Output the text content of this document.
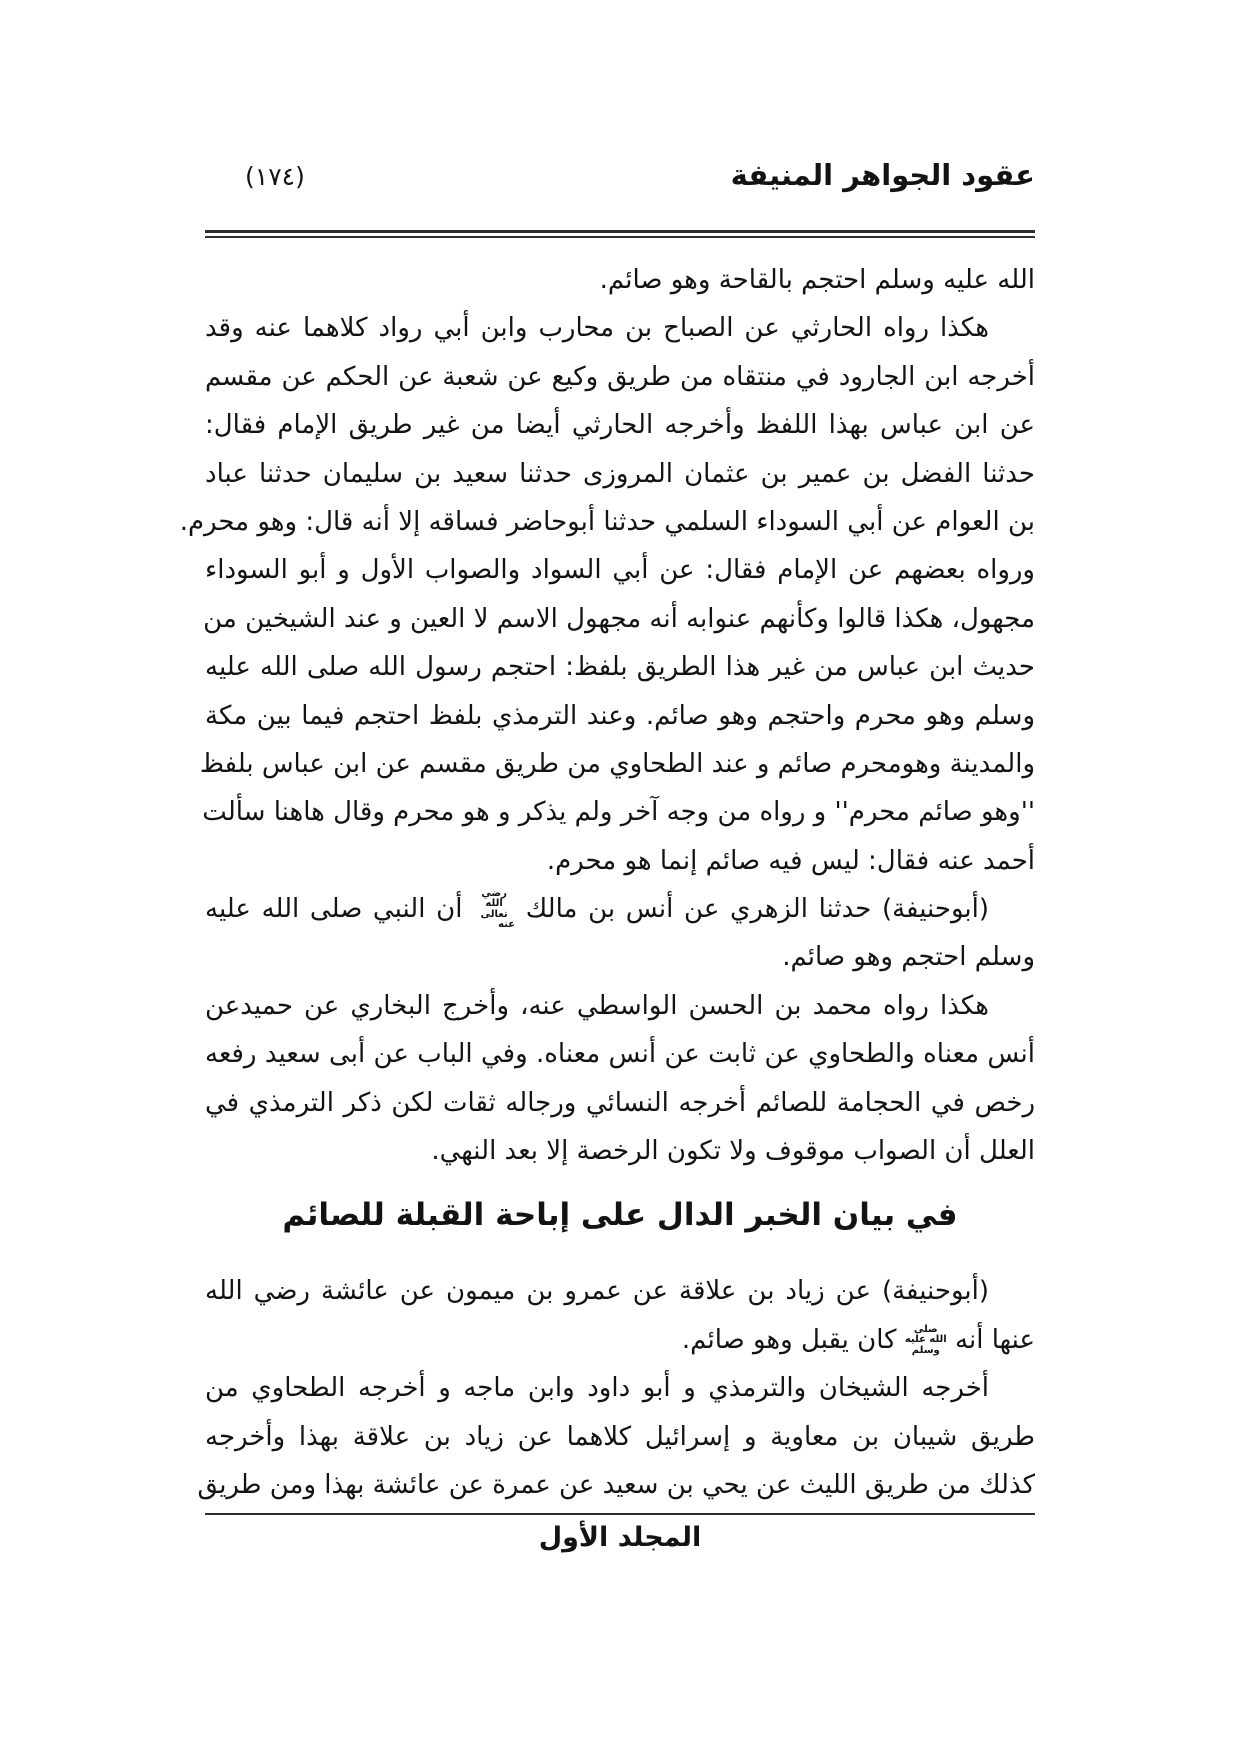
عقود الجواهر المنيفة
(١٧٤)
الله عليه وسلم احتجم بالقاحة وهو صائم.
هكذا رواه الحارثي عن الصباح بن محارب وابن أبي رواد كلاهما عنه وقد
أخرجه ابن الجارود في منتقاه من طريق وكيع عن شعبة عن الحكم عن مقسم
عن ابن عباس بهذا اللفظ وأخرجه الحارثي أيضا من غير طريق الإمام فقال:
حدثنا الفضل بن عمير بن عثمان المروزى حدثنا سعيد بن سليمان حدثنا عباد
بن العوام عن أبي السوداء السلمي حدثنا أبوحاضر فساقه إلا أنه قال: وهو محرم.
ورواه بعضهم عن الإمام فقال: عن أبي السواد والصواب الأول و أبو السوداء
مجهول، هكذا قالوا وكأنهم عنوابه أنه مجهول الاسم لا العين و عند الشيخين من
حديث ابن عباس من غير هذا الطريق بلفظ: احتجم رسول الله صلى الله عليه
وسلم وهو محرم واحتجم وهو صائم. وعند الترمذي بلفظ احتجم فيما بين مكة
والمدينة وهومحرم صائم و عند الطحاوي من طريق مقسم عن ابن عباس بلفظ
''وهو صائم محرم'' و رواه من وجه آخر ولم يذكر و هو محرم وقال هاهنا سألت
أحمد عنه فقال: ليس فيه صائم إنما هو محرم.
(أبوحنيفة) حدثنا الزهري عن أنس بن مالك رضي الله تعالى عنه أن النبي صلى الله عليه
وسلم احتجم وهو صائم.
هكذا رواه محمد بن الحسن الواسطي عنه، وأخرج البخاري عن حميدعن
أنس معناه والطحاوي عن ثابت عن أنس معناه. وفي الباب عن أبى سعيد رفعه
رخص في الحجامة للصائم أخرجه النسائي ورجاله ثقات لكن ذكر الترمذي في
العلل أن الصواب موقوف ولا تكون الرخصة إلا بعد النهي.
في بيان الخبر الدال على إباحة القبلة للصائم
(أبوحنيفة) عن زياد بن علاقة عن عمرو بن ميمون عن عائشة رضي الله
عنها أنه صلى الله عليه وسلم كان يقبل وهو صائم.
أخرجه الشيخان والترمذي و أبو داود وابن ماجه و أخرجه الطحاوي من
طريق شيبان بن معاوية و إسرائيل كلاهما عن زياد بن علاقة بهذا وأخرجه
كذلك من طريق الليث عن يحي بن سعيد عن عمرة عن عائشة بهذا ومن طريق
المجلد الأول
